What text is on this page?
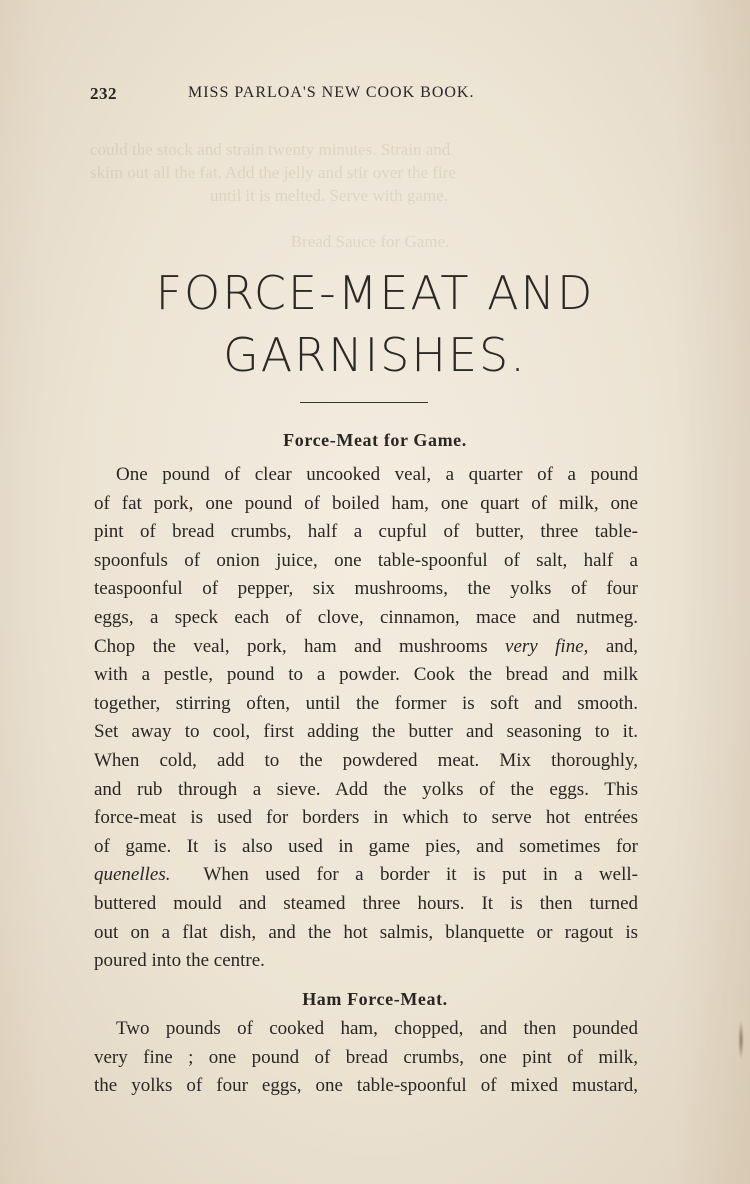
could the stock and strain twenty minutes. Strain and
skim out all the fat. Add the jelly and stir over the fire
until it is melted. Serve with game.
Bread Sauce for Game.
232	MISS PARLOA'S NEW COOK BOOK.
FORCE-MEAT AND
GARNISHES.
Force-Meat for Game.
One pound of clear uncooked veal, a quarter of a pound
of fat pork, one pound of boiled ham, one quart of milk, one
pint of bread crumbs, half a cupful of butter, three table-
spoonfuls of onion juice, one table-spoonful of salt, half a
teaspoonful of pepper, six mushrooms, the yolks of four
eggs, a speck each of clove, cinnamon, mace and nutmeg.
Chop the veal, pork, ham and mushrooms very fine, and,
with a pestle, pound to a powder. Cook the bread and milk
together, stirring often, until the former is soft and smooth.
Set away to cool, first adding the butter and seasoning to it.
When cold, add to the powdered meat. Mix thoroughly,
and rub through a sieve. Add the yolks of the eggs. This
force-meat is used for borders in which to serve hot entrées
of game. It is also used in game pies, and sometimes for
quenelles. When used for a border it is put in a well-
buttered mould and steamed three hours. It is then turned
out on a flat dish, and the hot salmis, blanquette or ragout is
poured into the centre.
Ham Force-Meat.
Two pounds of cooked ham, chopped, and then pounded
very fine ; one pound of bread crumbs, one pint of milk,
the yolks of four eggs, one table-spoonful of mixed mustard,
